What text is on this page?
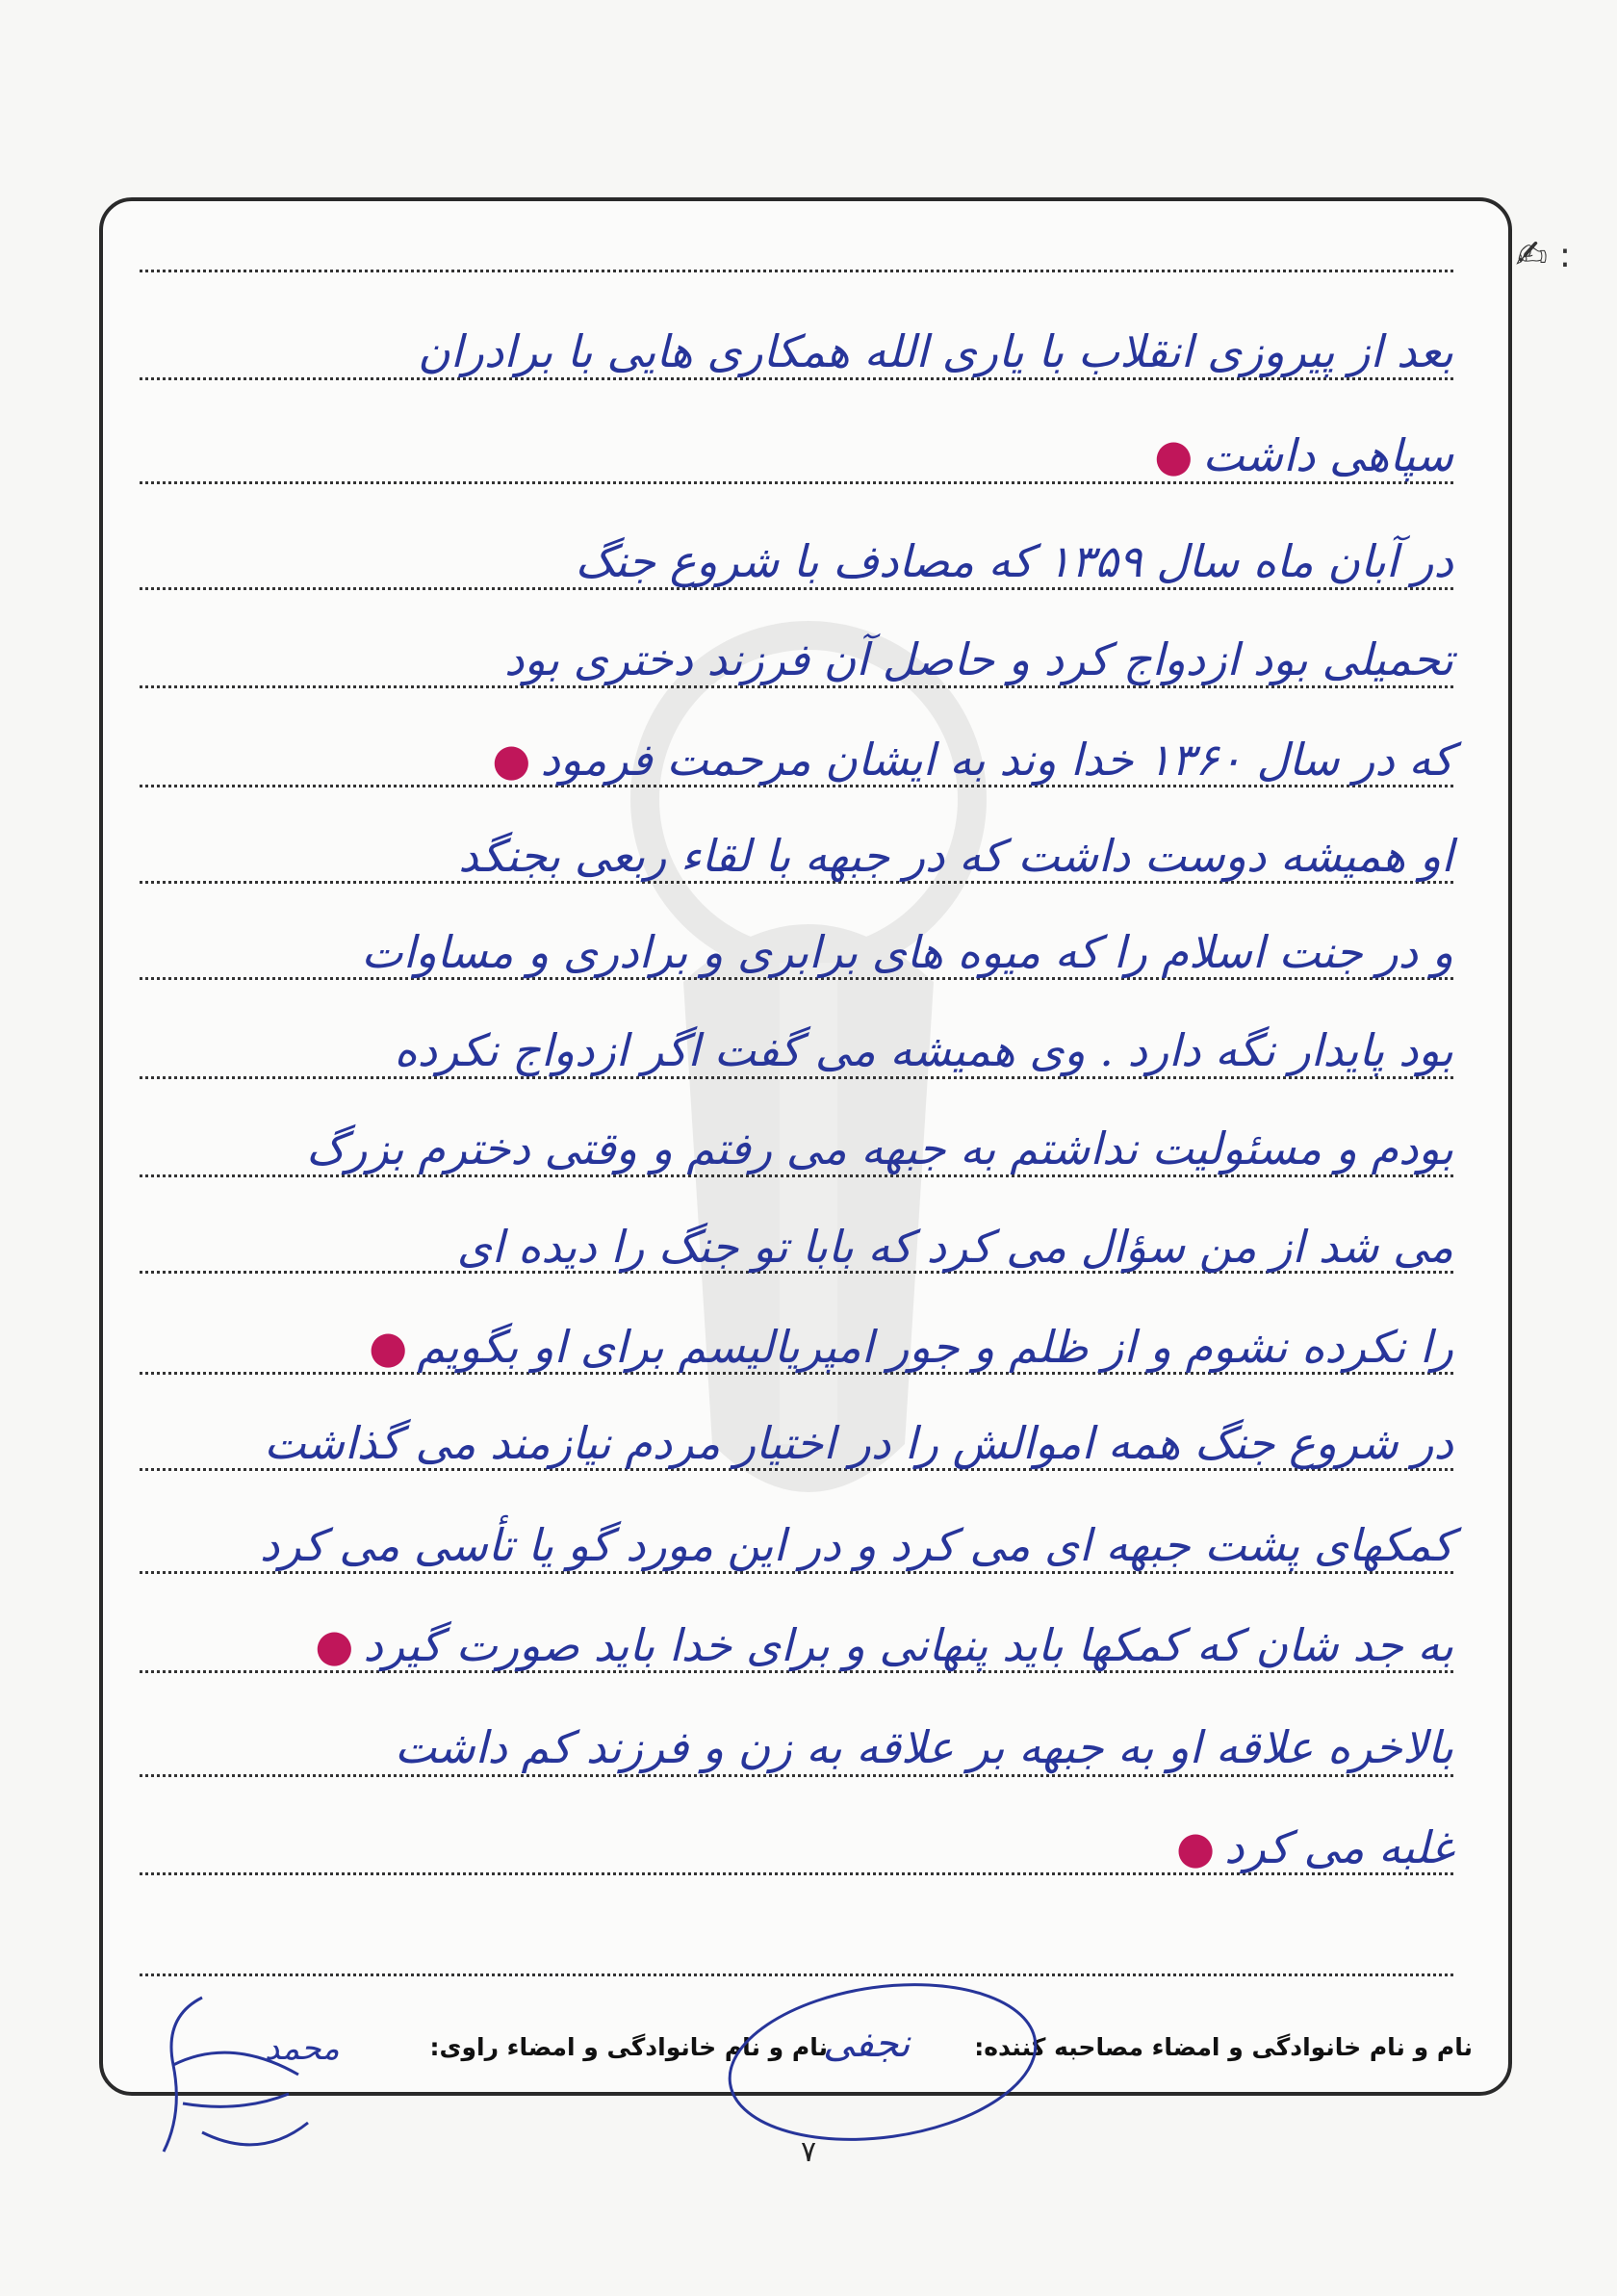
:
✍
بعد از پیروزی انقلاب با یاری الله همکاری هایی با برادران
سپاهی داشت●
در آبان ماه سال ۱۳۵۹ که مصادف با شروع جنگ
تحمیلی بود ازدواج کرد و حاصل آن فرزند دختری بود
که در سال ۱۳۶۰ خدا وند به ایشان مرحمت فرمود●
او همیشه دوست داشت که در جبهه با لقاء ربعی بجنگد
و در جنت اسلام را که میوه های برابری و برادری و مساوات
بود پایدار نگه دارد . وی همیشه می گفت اگر ازدواج نکرده
بودم و مسئولیت نداشتم به جبهه می رفتم و وقتی دخترم بزرگ
می شد از من سؤال می کرد که بابا تو جنگ را دیده ای
را نکرده نشوم و از ظلم و جور امپریالیسم برای او بگویم●
در شروع جنگ همه اموالش را در اختیار مردم نیازمند می گذاشت
کمکهای پشت جبهه ای می کرد و در این مورد گو یا تأسی می کرد
به جد شان که کمکها باید پنهانی و برای خدا باید صورت گیرد●
بالاخره علاقه او به جبهه بر علاقه به زن و فرزند کم داشت
غلبه می کرد●
نام و نام خانوادگی و امضاء مصاحبه کننده:
نام و نام خانوادگی و امضاء راوی:
نجفی
محمد
۷
